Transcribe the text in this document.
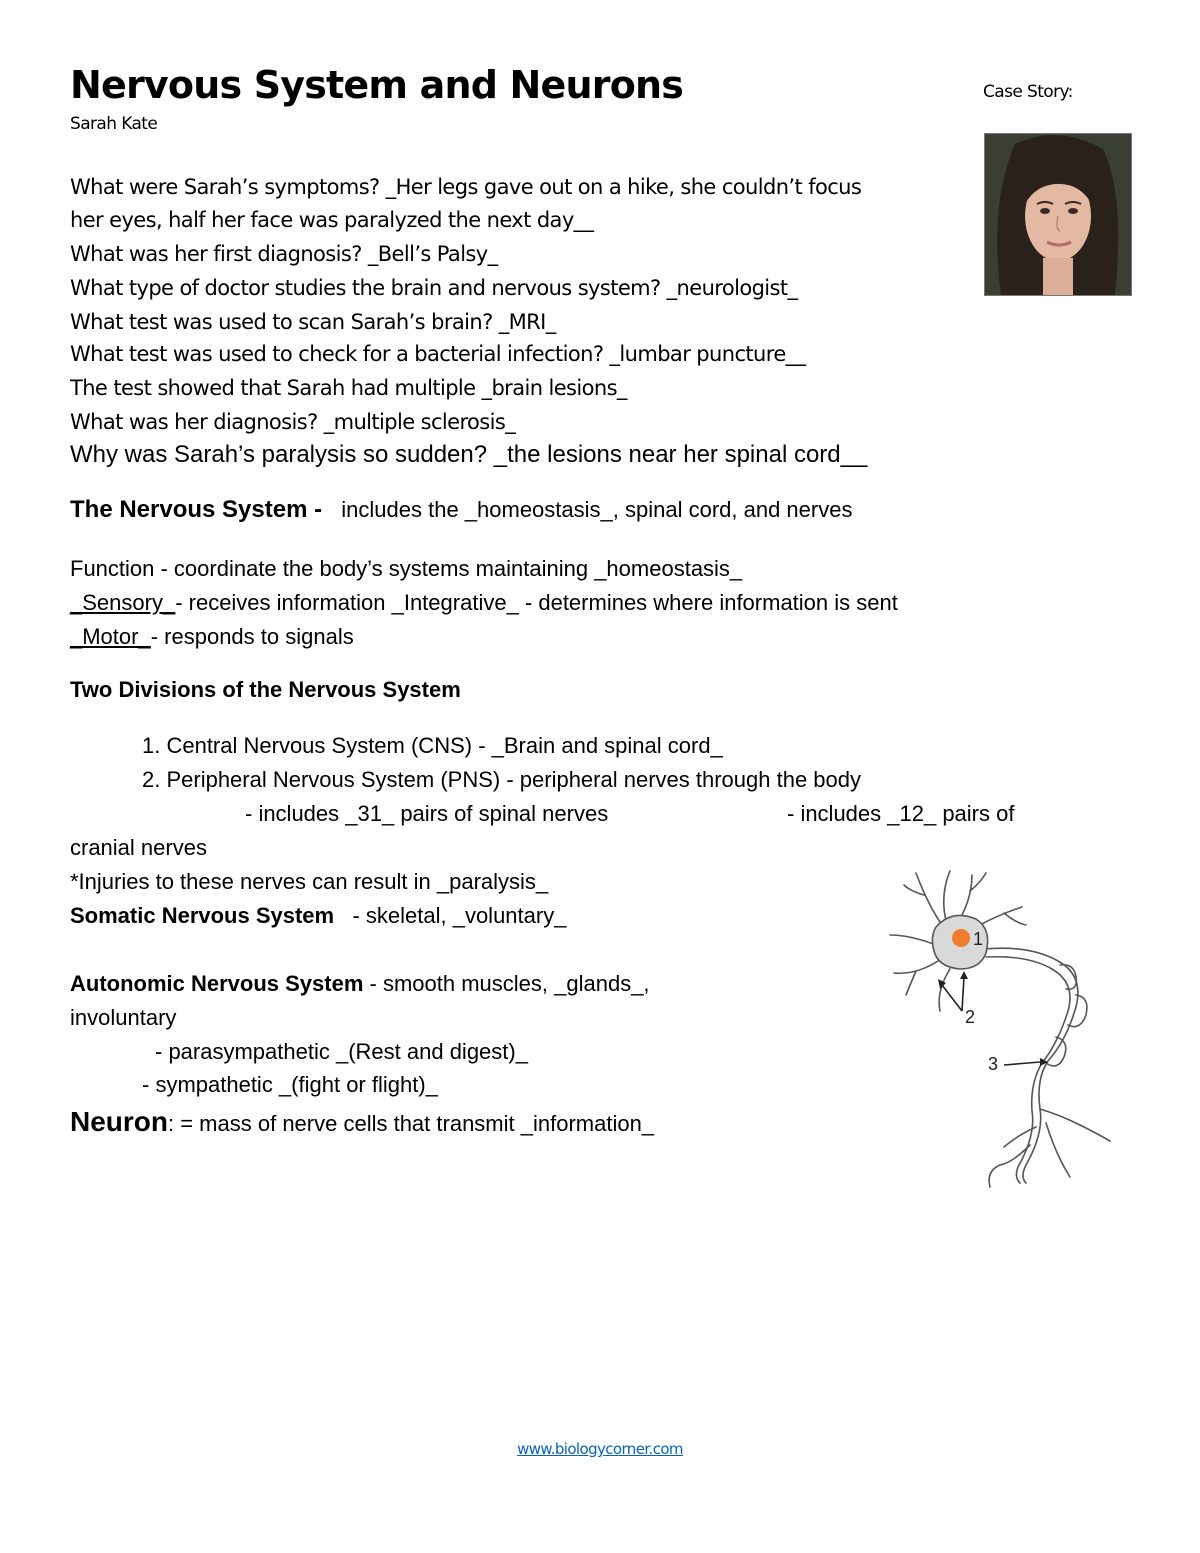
Nervous System and Neurons
Sarah Kate
Case Story:
What were Sarah’s symptoms? _Her legs gave out on a hike, she couldn’t focus
her eyes, half her face was paralyzed the next day__
What was her first diagnosis? _Bell’s Palsy_
What type of doctor studies the brain and nervous system? _neurologist_
What test was used to scan Sarah’s brain? _MRI_
What test was used to check for a bacterial infection? _lumbar puncture__
The test showed that Sarah had multiple _brain lesions_
What was her diagnosis? _multiple sclerosis_
Why was Sarah’s paralysis so sudden? _the lesions near her spinal cord__
The Nervous System - includes the _homeostasis_, spinal cord, and nerves
Function - coordinate the body’s systems maintaining _homeostasis_
_Sensory_- receives information _Integrative_ - determines where information is sent
_Motor_- responds to signals
Two Divisions of the Nervous System
1. Central Nervous System (CNS) - _Brain and spinal cord_
2. Peripheral Nervous System (PNS) - peripheral nerves through the body
- includes _31_ pairs of spinal nerves	- includes _12_ pairs of
cranial nerves
*Injuries to these nerves can result in _paralysis_
Somatic Nervous System - skeletal, _voluntary_
Autonomic Nervous System - smooth muscles, _glands_,
involuntary
- parasympathetic _(Rest and digest)_
- sympathetic _(fight or flight)_
Neuron: = mass of nerve cells that transmit _information_
1
2
3
www.biologycorner.com
